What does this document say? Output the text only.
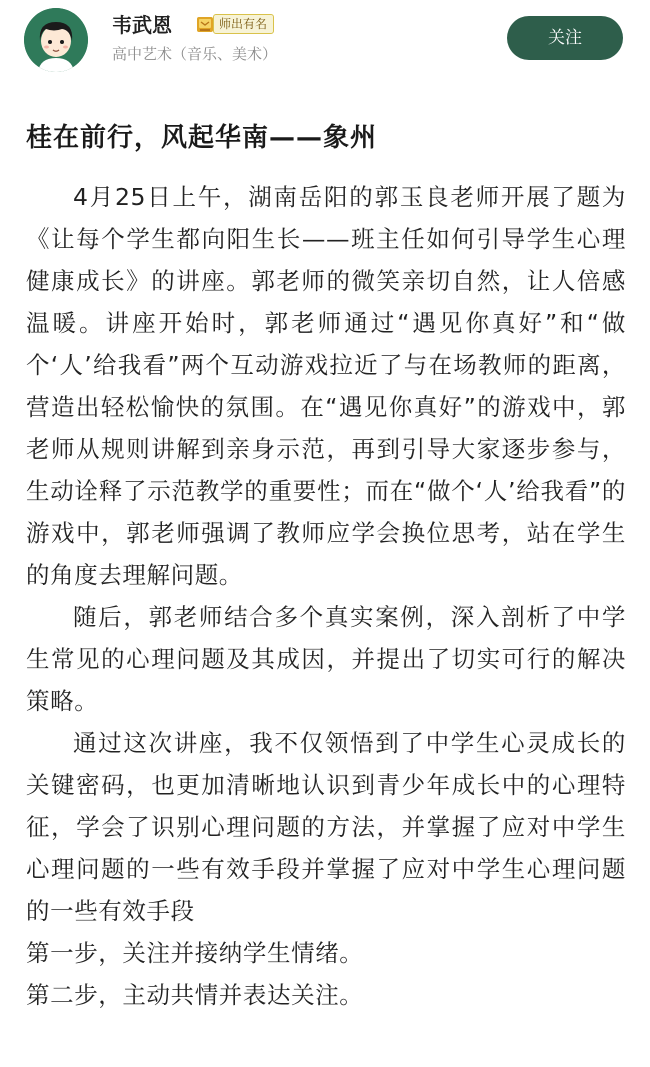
韦武恩	师出有名
高中艺术（音乐、美术）
关注
桂在前行，风起华南——象州

4月25日上午，湖南岳阳的郭玉良老师开展了题为《让每个学生都向阳生长——班主任如何引导学生心理健康成长》的讲座。郭老师的微笑亲切自然，让人倍感温暖。讲座开始时，郭老师通过“遇见你真好”和“做个‘人’给我看”两个互动游戏拉近了与在场教师的距离，营造出轻松愉快的氛围。在“遇见你真好”的游戏中，郭老师从规则讲解到亲身示范，再到引导大家逐步参与，生动诠释了示范教学的重要性；而在“做个‘人’给我看”的游戏中，郭老师强调了教师应学会换位思考，站在学生的角度去理解问题。

随后，郭老师结合多个真实案例，深入剖析了中学生常见的心理问题及其成因，并提出了切实可行的解决策略。

通过这次讲座，我不仅领悟到了中学生心灵成长的关键密码，也更加清晰地认识到青少年成长中的心理特征，学会了识别心理问题的方法，并掌握了应对中学生心理问题的一些有效手段并掌握了应对中学生心理问题的一些有效手段

第一步，关注并接纳学生情绪。

第二步，主动共情并表达关注。
